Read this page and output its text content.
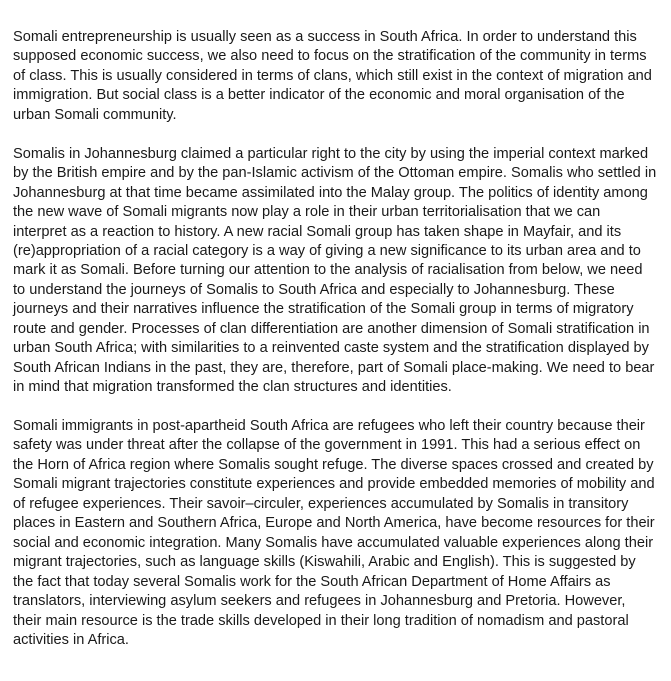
Somali entrepreneurship is usually seen as a success in South Africa. In order to understand this supposed economic success, we also need to focus on the stratification of the community in terms of class. This is usually considered in terms of clans, which still exist in the context of migration and immigration. But social class is a better indicator of the economic and moral organisation of the urban Somali community.

Somalis in Johannesburg claimed a particular right to the city by using the imperial context marked by the British empire and by the pan-Islamic activism of the Ottoman empire. Somalis who settled in Johannesburg at that time became assimilated into the Malay group. The politics of identity among the new wave of Somali migrants now play a role in their urban territorialisation that we can interpret as a reaction to history. A new racial Somali group has taken shape in Mayfair, and its (re)appropriation of a racial category is a way of giving a new significance to its urban area and to mark it as Somali. Before turning our attention to the analysis of racialisation from below, we need to understand the journeys of Somalis to South Africa and especially to Johannesburg. These journeys and their narratives influence the stratification of the Somali group in terms of migratory route and gender. Processes of clan differentiation are another dimension of Somali stratification in urban South Africa; with similarities to a reinvented caste system and the stratification displayed by South African Indians in the past, they are, therefore, part of Somali place-making. We need to bear in mind that migration transformed the clan structures and identities.

Somali immigrants in post-apartheid South Africa are refugees who left their country because their safety was under threat after the collapse of the government in 1991. This had a serious effect on the Horn of Africa region where Somalis sought refuge. The diverse spaces crossed and created by Somali migrant trajectories constitute experiences and provide embedded memories of mobility and of refugee experiences. Their savoir–circuler, experiences accumulated by Somalis in transitory places in Eastern and Southern Africa, Europe and North America, have become resources for their social and economic integration. Many Somalis have accumulated valuable experiences along their migrant trajectories, such as language skills (Kiswahili, Arabic and English). This is suggested by the fact that today several Somalis work for the South African Department of Home Affairs as translators, interviewing asylum seekers and refugees in Johannesburg and Pretoria. However, their main resource is the trade skills developed in their long tradition of nomadism and pastoral activities in Africa.
